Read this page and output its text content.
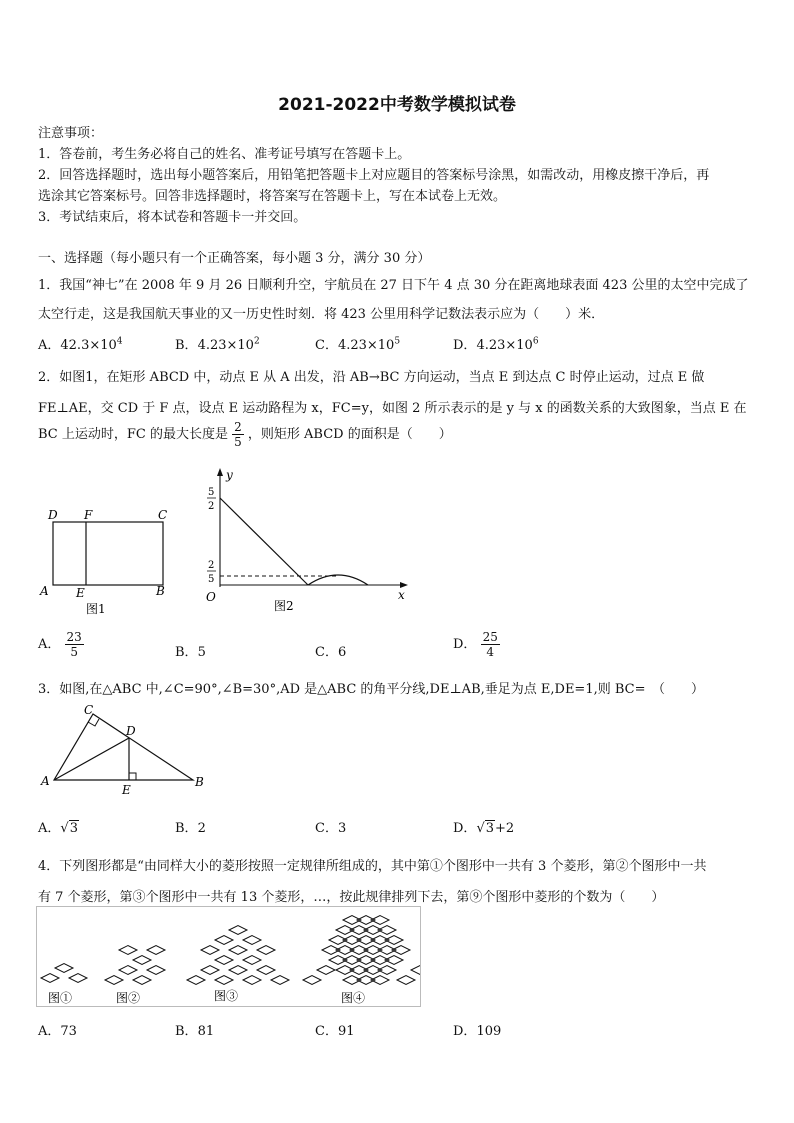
2021-2022中考数学模拟试卷
注意事项：
1．答卷前，考生务必将自己的姓名、准考证号填写在答题卡上。
2．回答选择题时，选出每小题答案后，用铅笔把答题卡上对应题目的答案标号涂黑，如需改动，用橡皮擦干净后，再
选涂其它答案标号。回答非选择题时，将答案写在答题卡上，写在本试卷上无效。
3．考试结束后，将本试卷和答题卡一并交回。
一、选择题（每小题只有一个正确答案，每小题 3 分，满分 30 分）
1．我国“神七”在 2008 年 9 月 26 日顺利升空，宇航员在 27 日下午 4 点 30 分在距离地球表面 423 公里的太空中完成了
太空行走，这是我国航天事业的又一历史性时刻．将 423 公里用科学记数法表示应为（　　）米．
A．$42.3\times 10^4$	B．$4.23\times 10^2$	C．$4.23\times 10^5$	D．$4.23\times 10^6$
2．如图1，在矩形 ABCD 中，动点 E 从 A 出发，沿 AB→BC 方向运动，当点 E 到达点 C 时停止运动，过点 E 做
FE⊥AE，交 CD 于 F 点，设点 E 运动路程为 x，FC=y，如图 2 所示表示的是 y 与 x 的函数关系的大致图象，当点 E 在
BC 上运动时，FC 的最大长度是 $\frac{2}{5}$ ，则矩形 ABCD 的面积是（　　）
D F	C
A E	B
图1
y
x
O
5
2
2
5
图2
A． $\frac{23}{5}$	B．5	C．6
D． $\frac{25}{4}$
3．如图,在△ABC 中,∠C=90°,∠B=30°,AD 是△ABC 的角平分线,DE⊥AB,垂足为点 E,DE=1,则 BC=　（　　）
C
D
A
E
B
A．√3	B．2	C．3	D．√3+2
4．下列图形都是“由同样大小的菱形按照一定规律所组成的，其中第①个图形中一共有 3 个菱形，第②个图形中一共
有 7 个菱形，第③个图形中一共有 13 个菱形，…，按此规律排列下去，第⑨个图形中菱形的个数为（　　）
图①	图②	图③	图④
A．73	B．81	C．91	D．109
